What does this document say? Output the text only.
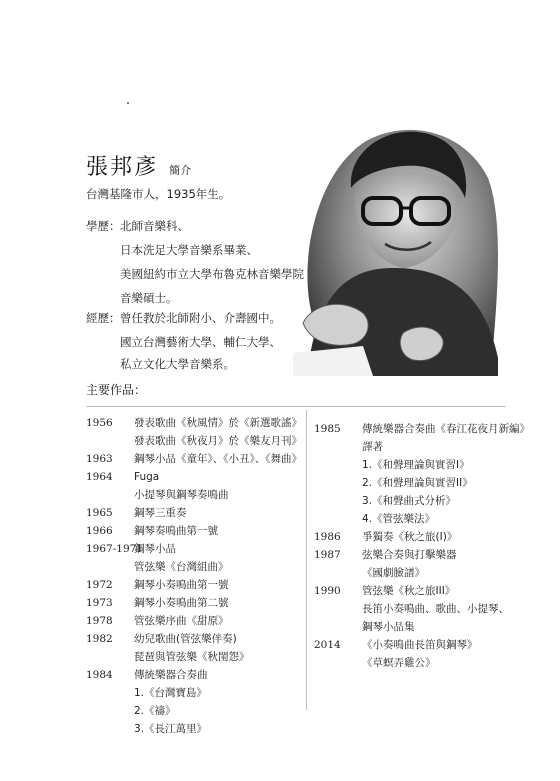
張邦彥 簡介
台灣基隆市人，1935年生。
學歷： 北師音樂科、
日本洗足大學音樂系畢業、
美國紐約市立大學布魯克林音樂學院
音樂碩士。
經歷： 曾任教於北師附小、介壽國中。
國立台灣藝術大學、輔仁大學、
私立文化大學音樂系。
主要作品：
1956 發表歌曲《秋風情》於《新選歌謠》
發表歌曲《秋夜月》於《樂友月刊》
1963 鋼琴小品《童年》、《小丑》、《舞曲》
1964 Fuga
小提琴與鋼琴奏鳴曲
1965 鋼琴三重奏
1966 鋼琴奏鳴曲第一號
1967-1971
鋼琴小品
管弦樂《台灣組曲》
1972 鋼琴小奏鳴曲第一號
1973 鋼琴小奏鳴曲第二號
1978 管弦樂序曲《甜原》
1982 幼兒歌曲(管弦樂伴奏)
琵琶與管弦樂《秋閨怨》
1984 傳統樂器合奏曲
1.《台灣寶島》
2.《禱》
3.《長江萬里》
1985 傳統樂器合奏曲《春江花夜月新編》
譯著
1.《和聲理論與實習I》
2.《和聲理論與實習II》
3.《和聲曲式分析》
4.《管弦樂法》
1986 爭獨奏《秋之旅(I)》
1987 弦樂合奏與打擊樂器
《國劇臉譜》
1990 管弦樂《秋之旅III》
長笛小奏鳴曲、歌曲、小提琴、
鋼琴小品集
2014 《小奏鳴曲長笛與鋼琴》
《草螟弄雞公》
